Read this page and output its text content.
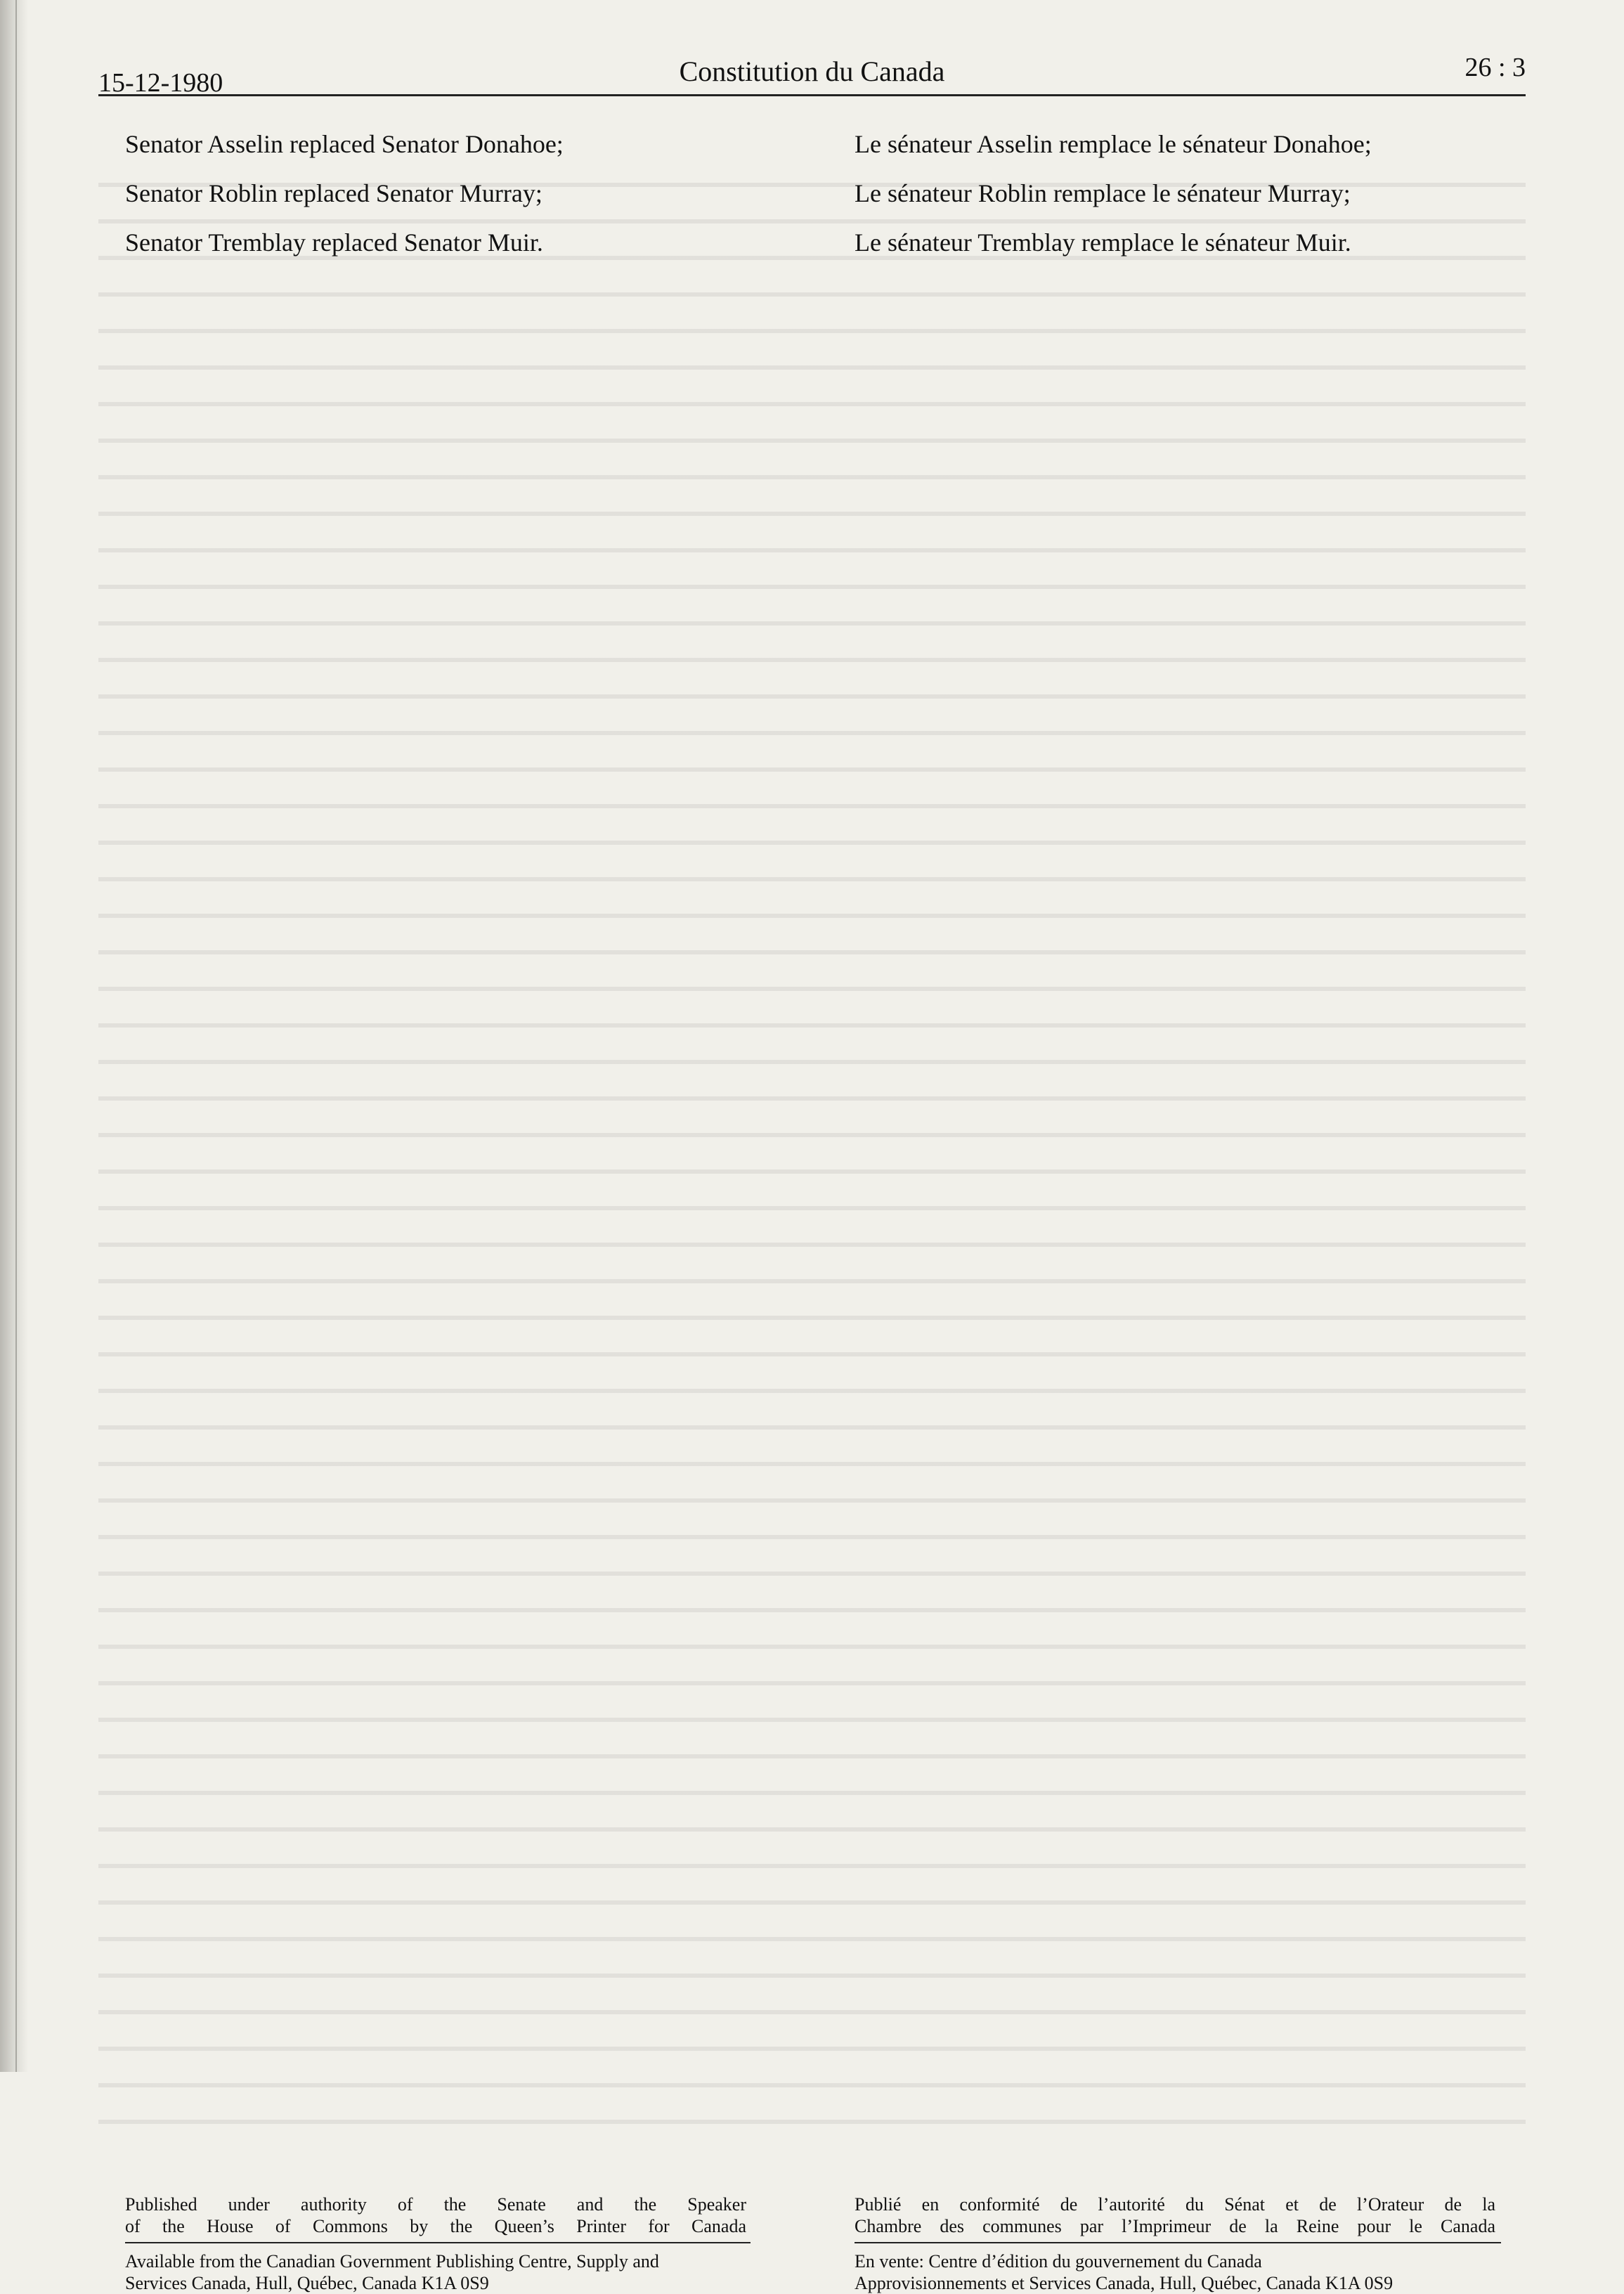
15-12-1980	Constitution du Canada	26 : 3

Senator Asselin replaced Senator Donahoe;

Senator Roblin replaced Senator Murray;

Senator Tremblay replaced Senator Muir.

Le sénateur Asselin remplace le sénateur Donahoe;

Le sénateur Roblin remplace le sénateur Murray;

Le sénateur Tremblay remplace le sénateur Muir.

Published under authority of the Senate and the Speaker
of the House of Commons by the Queen’s Printer for Canada
Publié en conformité de l’autorité du Sénat et de l’Orateur de la
Chambre des communes par l’Imprimeur de la Reine pour le Canada
Available from the Canadian Government Publishing Centre, Supply and
Services Canada, Hull, Québec, Canada K1A 0S9
En vente: Centre d’édition du gouvernement du Canada
Approvisionnements et Services Canada, Hull, Québec, Canada K1A 0S9
